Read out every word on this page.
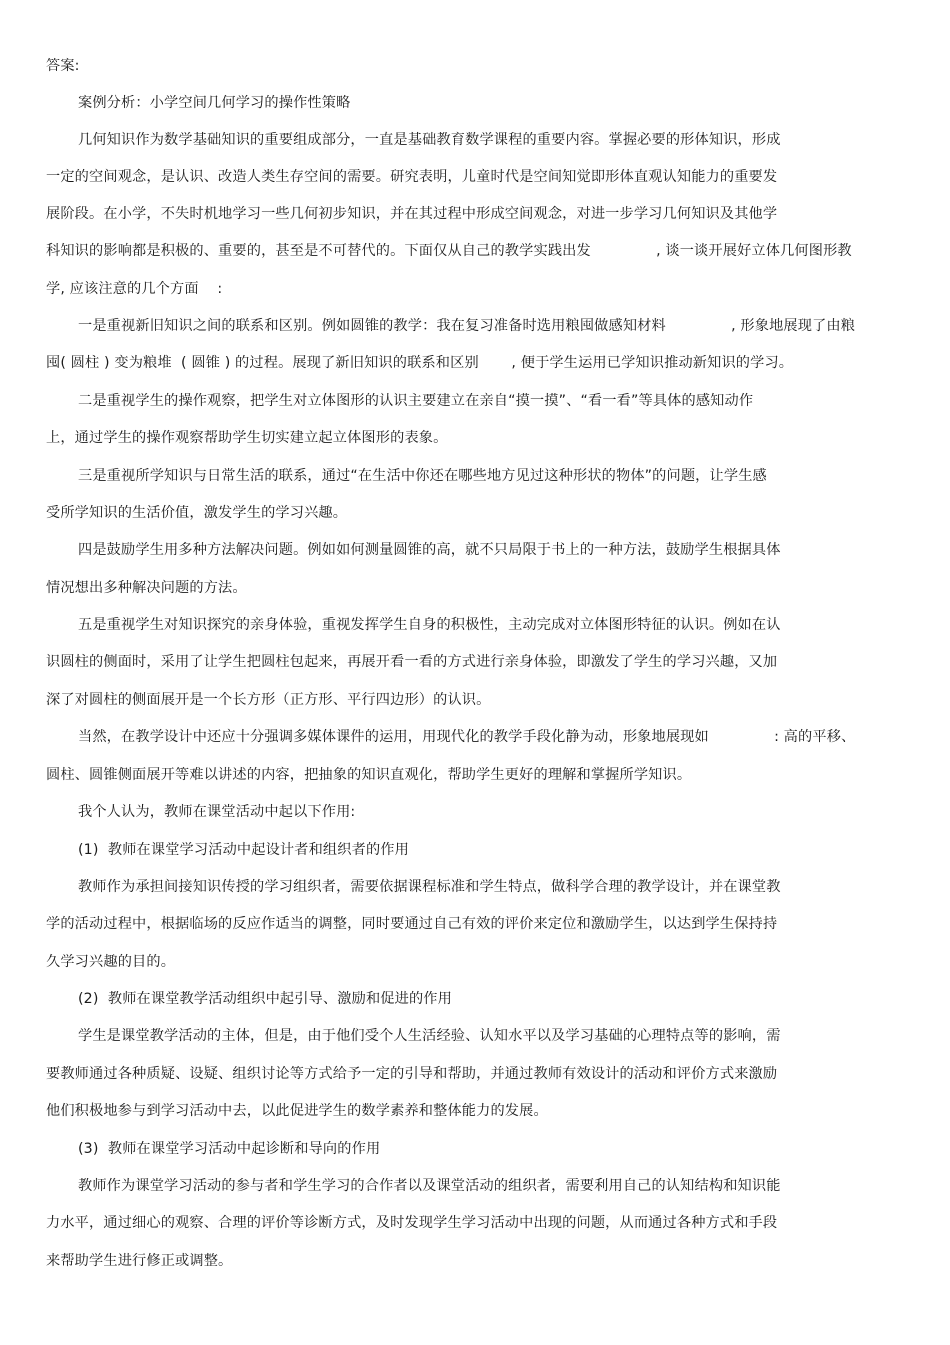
答案:
案例分析：小学空间几何学习的操作性策略
几何知识作为数学基础知识的重要组成部分，一直是基础教育数学课程的重要内容。掌握必要的形体知识，形成
一定的空间观念，是认识、改造人类生存空间的需要。研究表明，儿童时代是空间知觉即形体直观认知能力的重要发
展阶段。在小学，不失时机地学习一些几何初步知识，并在其过程中形成空间观念，对进一步学习几何知识及其他学
科知识的影响都是积极的、重要的，甚至是不可替代的。下面仅从自己的教学实践出发              , 谈一谈开展好立体几何图形教
学, 应该注意的几个方面    :
一是重视新旧知识之间的联系和区别。例如圆锥的教学：我在复习准备时选用粮囤做感知材料              , 形象地展现了由粮
囤( 圆柱 ) 变为粮堆  ( 圆锥 ) 的过程。展现了新旧知识的联系和区别       , 便于学生运用已学知识推动新知识的学习。
二是重视学生的操作观察，把学生对立体图形的认识主要建立在亲自“摸一摸”、“看一看”等具体的感知动作
上，通过学生的操作观察帮助学生切实建立起立体图形的表象。
三是重视所学知识与日常生活的联系，通过“在生活中你还在哪些地方见过这种形状的物体”的问题，让学生感
受所学知识的生活价值，激发学生的学习兴趣。
四是鼓励学生用多种方法解决问题。例如如何测量圆锥的高，就不只局限于书上的一种方法，鼓励学生根据具体
情况想出多种解决问题的方法。
五是重视学生对知识探究的亲身体验，重视发挥学生自身的积极性，主动完成对立体图形特征的认识。例如在认
识圆柱的侧面时，采用了让学生把圆柱包起来，再展开看一看的方式进行亲身体验，即激发了学生的学习兴趣，又加
深了对圆柱的侧面展开是一个长方形（正方形、平行四边形）的认识。
当然，在教学设计中还应十分强调多媒体课件的运用，用现代化的教学手段化静为动，形象地展现如              : 高的平移、
圆柱、圆锥侧面展开等难以讲述的内容，把抽象的知识直观化，帮助学生更好的理解和掌握所学知识。
我个人认为，教师在课堂活动中起以下作用:
(1)  教师在课堂学习活动中起设计者和组织者的作用
教师作为承担间接知识传授的学习组织者，需要依据课程标准和学生特点，做科学合理的教学设计，并在课堂教
学的活动过程中，根据临场的反应作适当的调整，同时要通过自己有效的评价来定位和激励学生，以达到学生保持持
久学习兴趣的目的。
(2)  教师在课堂教学活动组织中起引导、激励和促进的作用
学生是课堂教学活动的主体，但是，由于他们受个人生活经验、认知水平以及学习基础的心理特点等的影响，需
要教师通过各种质疑、设疑、组织讨论等方式给予一定的引导和帮助，并通过教师有效设计的活动和评价方式来激励
他们积极地参与到学习活动中去，以此促进学生的数学素养和整体能力的发展。
(3)  教师在课堂学习活动中起诊断和导向的作用
教师作为课堂学习活动的参与者和学生学习的合作者以及课堂活动的组织者，需要利用自己的认知结构和知识能
力水平，通过细心的观察、合理的评价等诊断方式，及时发现学生学习活动中出现的问题，从而通过各种方式和手段
来帮助学生进行修正或调整。
